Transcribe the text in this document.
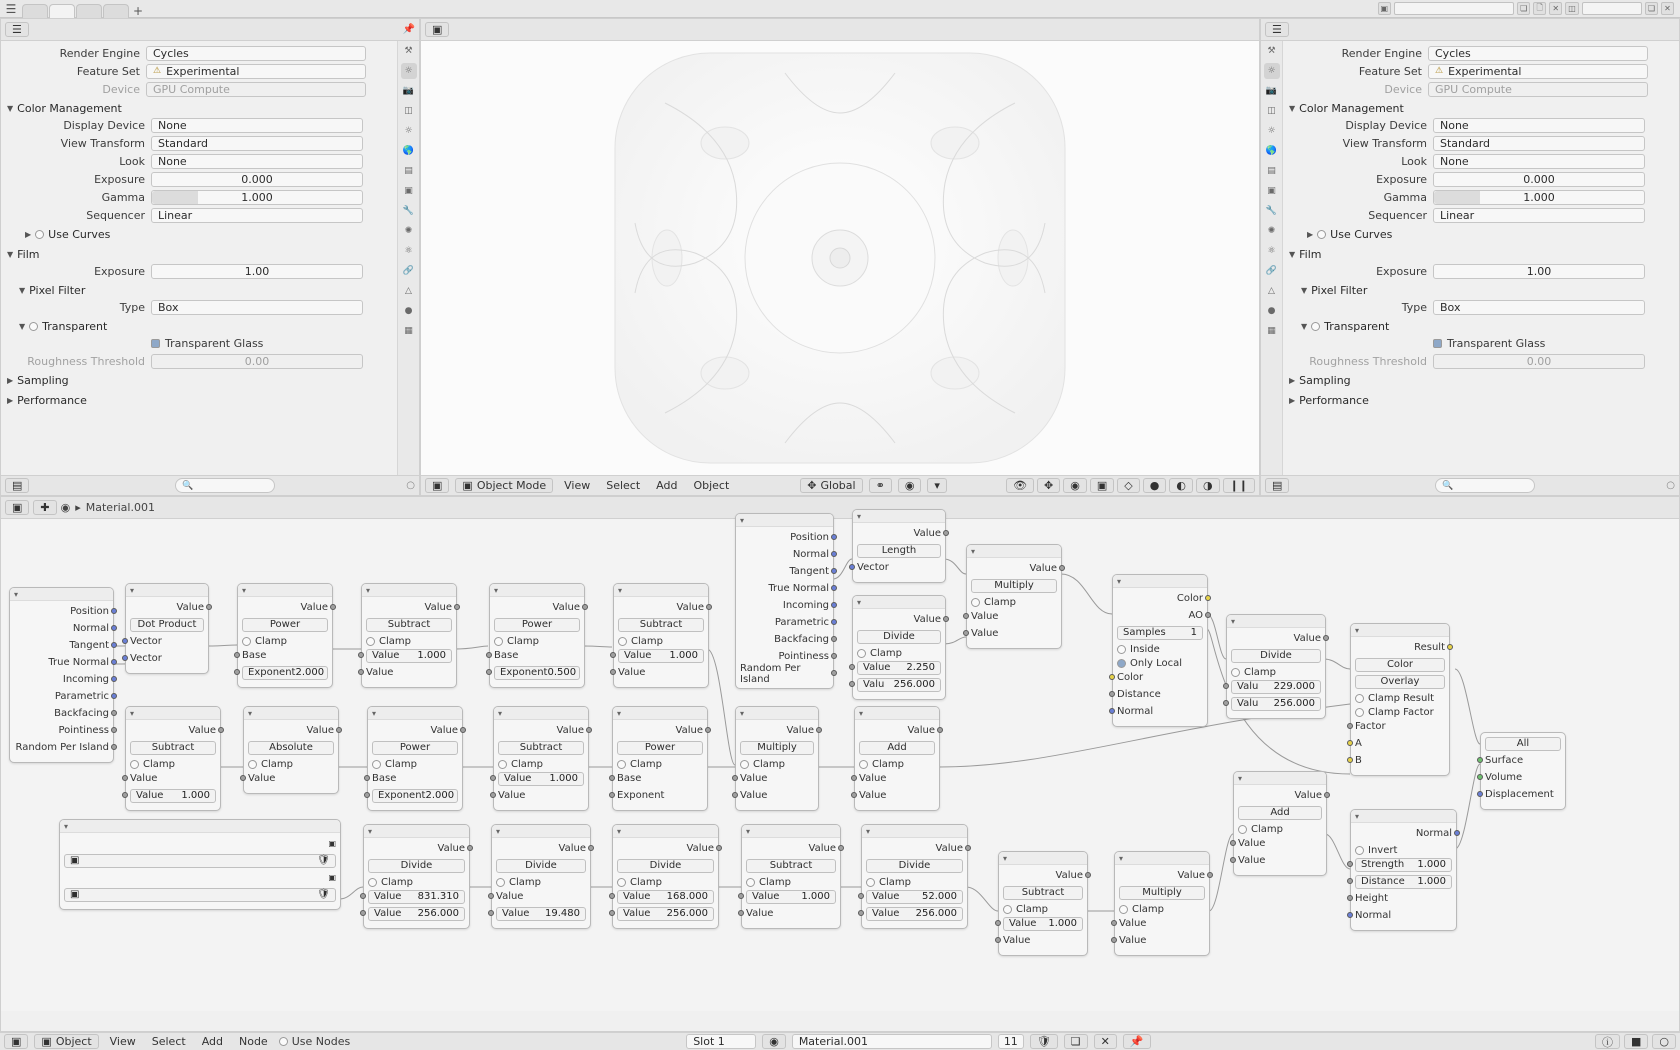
☰	+	▣	❏	🗋	✕	◫	❏	✕
☰	📌
⚒
☼
📷
◫
☼
🌎
▤
▣
🔧
✺
⚛
🔗
△
●
▦
Render Engine	Cycles
Feature Set	⚠ Experimental
Device	GPU Compute
▼ Color Management
Display Device	None
View Transform	Standard
Look	None
Exposure	0.000
Gamma	1.000
Sequencer	Linear
▶ Use Curves
▼ Film
Exposure	1.00
▼ Pixel Filter
Type	Box
▼ Transparent
Transparent Glass
Roughness Threshold	0.00
▶ Sampling
▶ Performance
▤	🔍	○
▣
▣	▣ Object Mode	View	Select	Add	Object	✥ Global	⚭	◉	▾	👁	✥	◉	▣	◇	●	◐	◑	❙❙
☰
⚒
☼
📷
◫
☼
🌎
▤
▣
🔧
✺
⚛
🔗
△
●
▦
Render Engine	Cycles
Feature Set	⚠ Experimental
Device	GPU Compute
▼ Color Management
Display Device	None
View Transform	Standard
Look	None
Exposure	0.000
Gamma	1.000
Sequencer	Linear
▶ Use Curves
▼ Film
Exposure	1.00
▼ Pixel Filter
Type	Box
▼ Transparent
Transparent Glass
Roughness Threshold	0.00
▶ Sampling
▶ Performance
▤	🔍	○
▣	✚	◉ ▸ Material.001
▾
Position
Normal
Tangent
True Normal
Incoming
Parametric
Backfacing
Pointiness
Random Per Island
▾
Value
Dot Product
Vector
Vector
▾
Value
Power
Clamp
Base
Exponent 2.000
▾
Value
Subtract
Clamp
Value 1.000
Value
▾
Value
Power
Clamp
Base
Exponent 0.500
▾
Value
Subtract
Clamp
Value 1.000
Value
▾
Position
Normal
Tangent
True Normal
Incoming
Parametric
Backfacing
Pointiness
Random Per Island
▾
Value
Length
Vector
▾
Value
Multiply
Clamp
Value
Value
▾
Value
Divide
Clamp
Value 2.250
Valu 256.000
▾
Color
AO
Samples 1
Inside
Only Local
Color
Distance
Normal
▾
Value
Divide
Clamp
Valu 229.000
Valu 256.000
▾
Result
Color
Overlay
Clamp Result
Clamp Factor
Factor
A
B
All
Surface
Volume
Displacement
▾
Value
Subtract
Clamp
Value
Value 1.000
▾
Value
Absolute
Clamp
Value
▾
Value
Power
Clamp
Base
Exponent 2.000
▾
Value
Subtract
Clamp
Value 1.000
Value
▾
Value
Power
Clamp
Base
Exponent
▾
Value
Multiply
Clamp
Value
Value
▾
Value
Add
Clamp
Value
Value
▾
Value
Add
Clamp
Value
Value
▾
Normal
Invert
Strength 1.000
Distance 1.000
Height
Normal
▾
▣
▣	🛡
▣
▣	🛡
▾
Value
Divide
Clamp
Value 831.310
Value 256.000
▾
Value
Divide
Clamp
Value
Value 19.480
▾
Value
Divide
Clamp
Value 168.000
Value 256.000
▾
Value
Subtract
Clamp
Value 1.000
Value
▾
Value
Divide
Clamp
Value 52.000
Value 256.000
▾
Value
Subtract
Clamp
Value 1.000
Value
▾
Value
Multiply
Clamp
Value
Value
▣	▣ Object	View	Select	Add	Node	Use Nodes	Slot 1	◉	Material.001	11	🛡	❏	✕	📌	ⓘ	■	○
